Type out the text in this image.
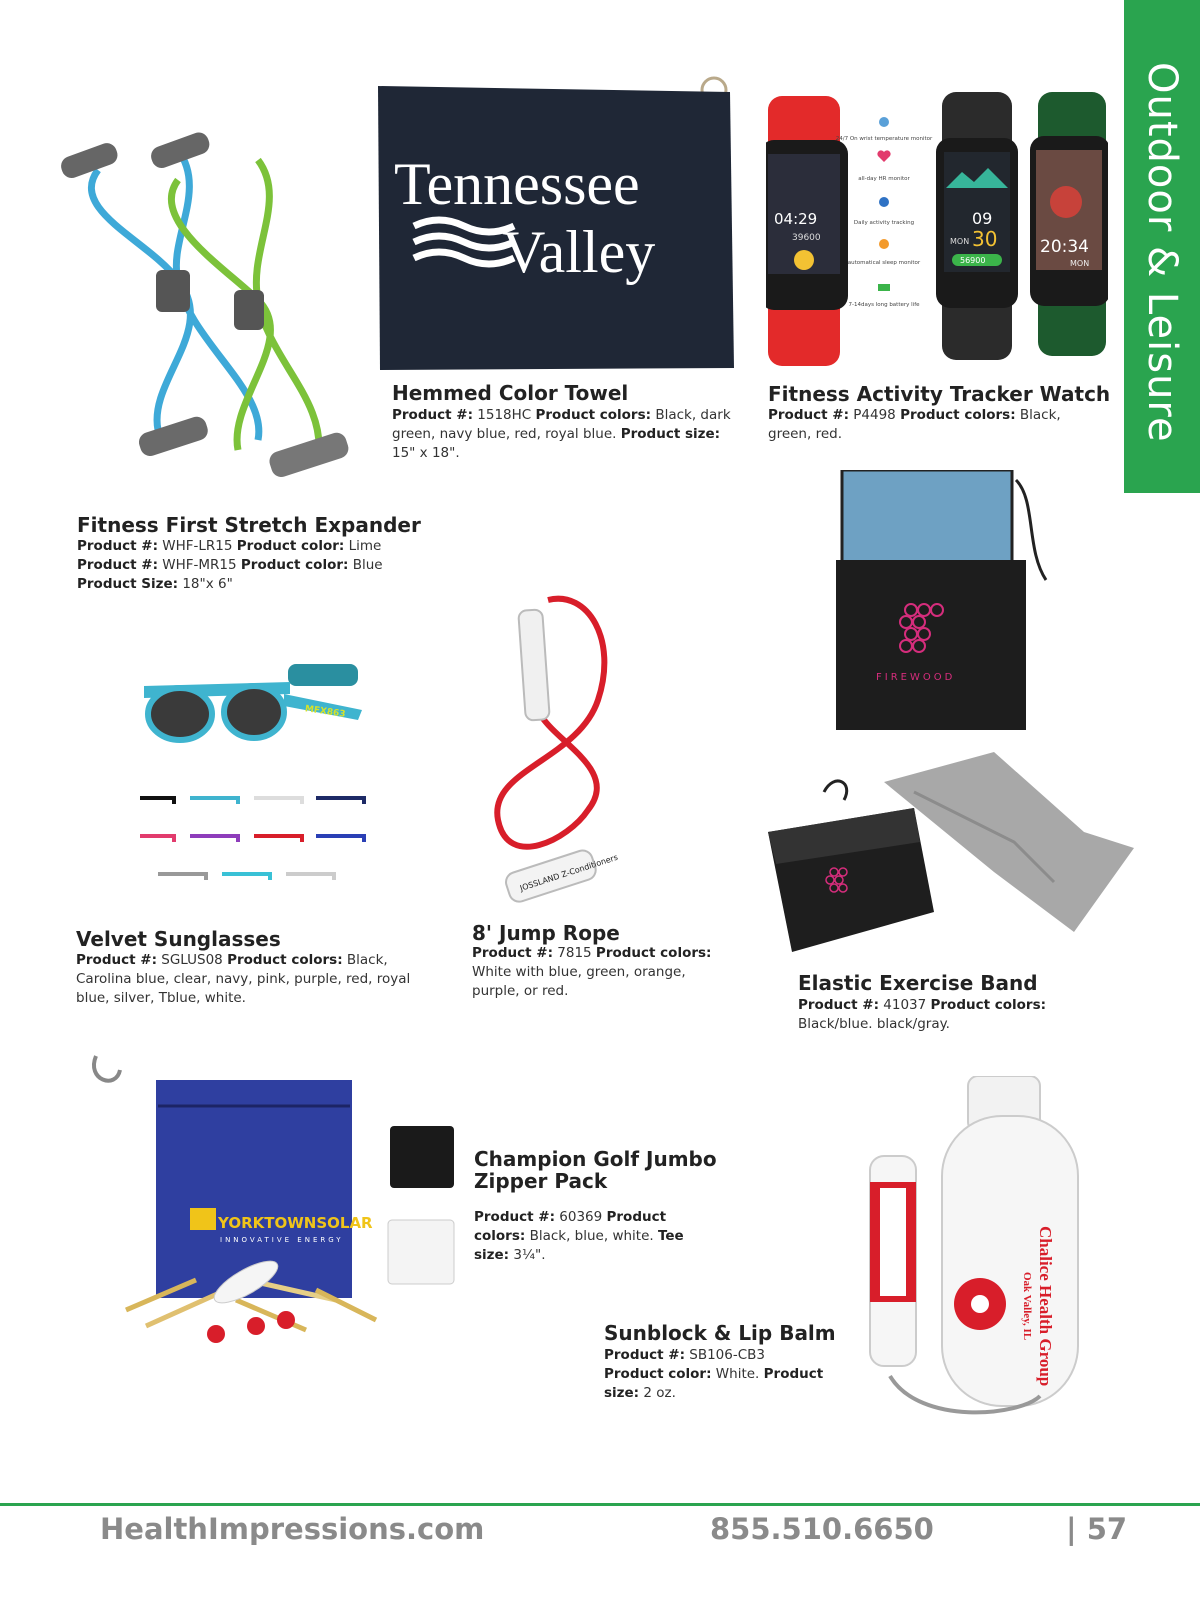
Outdoor & Leisure
Tennessee
Valley
Hemmed Color Towel
Product #: 1518HC Product colors: Black, dark green, navy blue, red, royal blue. Product size: 15" x 18".
04:29
39600
24/7 On wrist temperature monitor
all-day HR monitor
Daily activity tracking
automatical sleep monitor
7-14days long battery life
09
MON 30
56900
20:34
MON
Fitness Activity Tracker Watch
Product #: P4498 Product colors: Black, green, red.
Fitness First Stretch Expander
Product #: WHF-LR15 Product color: Lime
Product #: WHF-MR15 Product color: Blue
Product Size: 18"x 6"
FIREWOOD
MFX863
Velvet Sunglasses
Product #: SGLUS08 Product colors: Black, Carolina blue, clear, navy, pink, purple, red, royal blue, silver, Tblue, white.
JOSSLAND Z-Conditioners
8' Jump Rope
Product #: 7815 Product colors: White with blue, green, orange, purple, or red.	Elastic Exercise Band
Product #: 41037 Product colors: Black/blue. black/gray.
YORKTOWNSOLAR
INNOVATIVE ENERGY
Champion Golf Jumbo
Zipper Pack
Product #: 60369 Product colors: Black, blue, white. Tee size: 3¼".	Chalice Health Group
Oak Valley, IL
Sunblock & Lip Balm
Product #: SB106-CB3 Product color: White. Product size: 2 oz.
HealthImpressions.com	855.510.6650	| 57
